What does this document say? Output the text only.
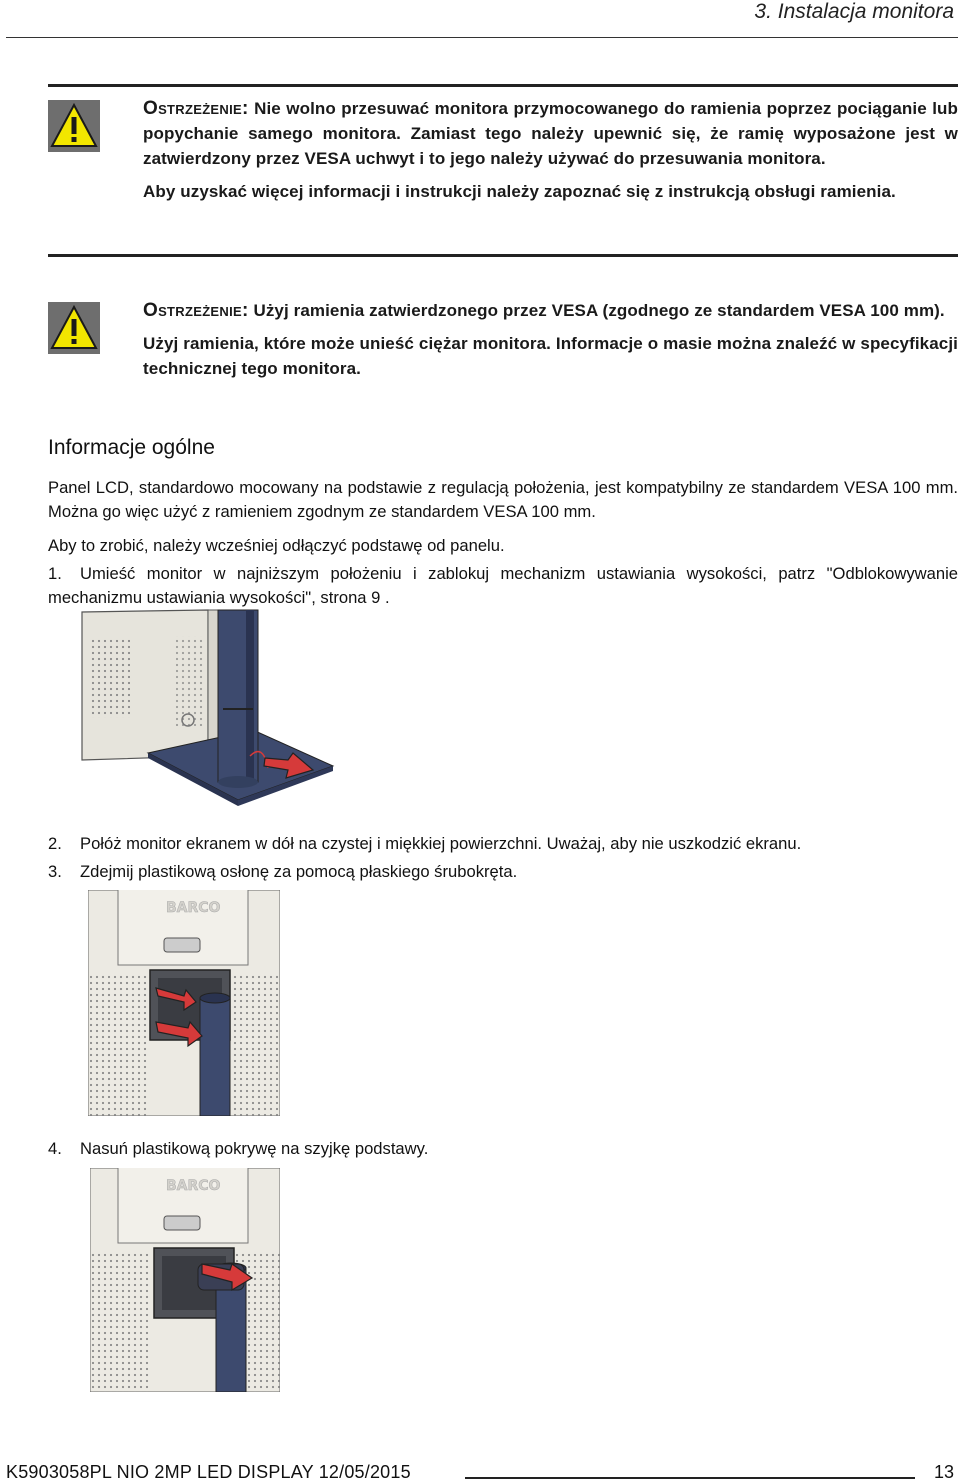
3. Instalacja monitora

Ostrzeżenie: Nie wolno przesuwać monitora przymocowanego do ramienia poprzez pociąganie lub popychanie samego monitora. Zamiast tego należy upewnić się, że ramię wyposażone jest w zatwierdzony przez VESA uchwyt i to jego należy używać do przesuwania monitora.

Aby uzyskać więcej informacji i instrukcji należy zapoznać się z instrukcją obsługi ramienia.

Ostrzeżenie: Użyj ramienia zatwierdzonego przez VESA (zgodnego ze standardem VESA 100 mm).

Użyj ramienia, które może unieść ciężar monitora. Informacje o masie można znaleźć w specyfikacji technicznej tego monitora.

Informacje ogólne
Panel LCD, standardowo mocowany na podstawie z regulacją położenia, jest kompatybilny ze standardem VESA 100 mm. Można go więc użyć z ramieniem zgodnym ze standardem VESA 100 mm.
Aby to zrobić, należy wcześniej odłączyć podstawę od panelu.
1. Umieść monitor w najniższym położeniu i zablokuj mechanizm ustawiania wysokości, patrz "Odblokowywanie mechanizmu ustawiania wysokości", strona 9 .
2. Połóż monitor ekranem w dół na czystej i miękkiej powierzchni. Uważaj, aby nie uszkodzić ekranu.
3. Zdejmij plastikową osłonę za pomocą płaskiego śrubokręta.
BARCO
4. Nasuń plastikową pokrywę na szyjkę podstawy.
BARCO
K5903058PL NIO 2MP LED DISPLAY 12/05/2015	13
